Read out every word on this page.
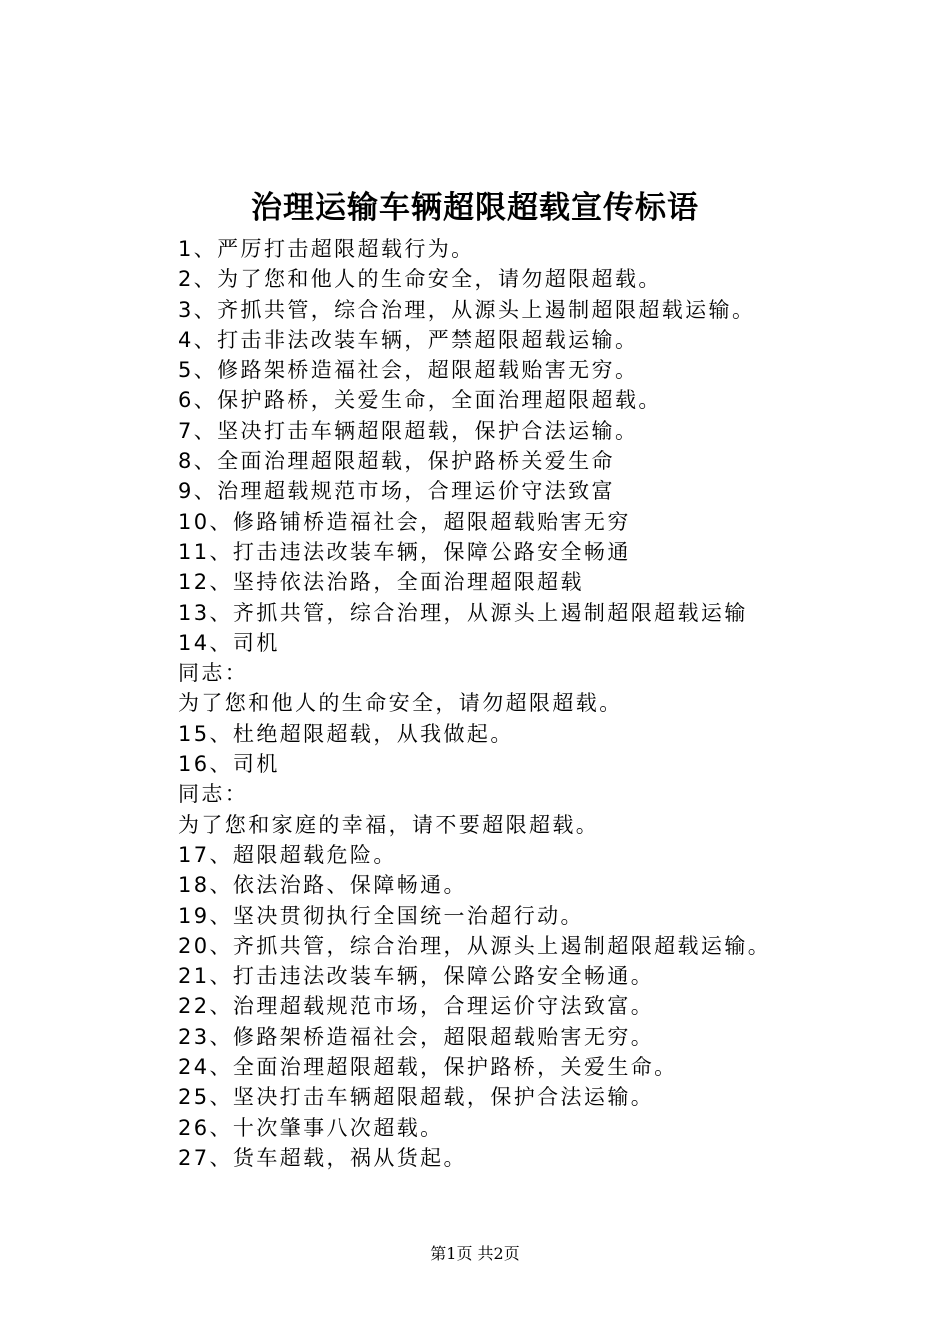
治理运输车辆超限超载宣传标语
1、严厉打击超限超载行为。
2、为了您和他人的生命安全，请勿超限超载。
3、齐抓共管，综合治理，从源头上遏制超限超载运输。
4、打击非法改装车辆，严禁超限超载运输。
5、修路架桥造福社会，超限超载贻害无穷。
6、保护路桥，关爱生命，全面治理超限超载。
7、坚决打击车辆超限超载，保护合法运输。
8、全面治理超限超载，保护路桥关爱生命
9、治理超载规范市场，合理运价守法致富
10、修路铺桥造福社会，超限超载贻害无穷
11、打击违法改装车辆，保障公路安全畅通
12、坚持依法治路，全面治理超限超载
13、齐抓共管，综合治理，从源头上遏制超限超载运输
14、司机
同志：
为了您和他人的生命安全，请勿超限超载。
15、杜绝超限超载，从我做起。
16、司机
同志：
为了您和家庭的幸福，请不要超限超载。
17、超限超载危险。
18、依法治路、保障畅通。
19、坚决贯彻执行全国统一治超行动。
20、齐抓共管，综合治理，从源头上遏制超限超载运输。
21、打击违法改装车辆，保障公路安全畅通。
22、治理超载规范市场，合理运价守法致富。
23、修路架桥造福社会，超限超载贻害无穷。
24、全面治理超限超载，保护路桥，关爱生命。
25、坚决打击车辆超限超载，保护合法运输。
26、十次肇事八次超载。
27、货车超载，祸从货起。
第1页 共2页
